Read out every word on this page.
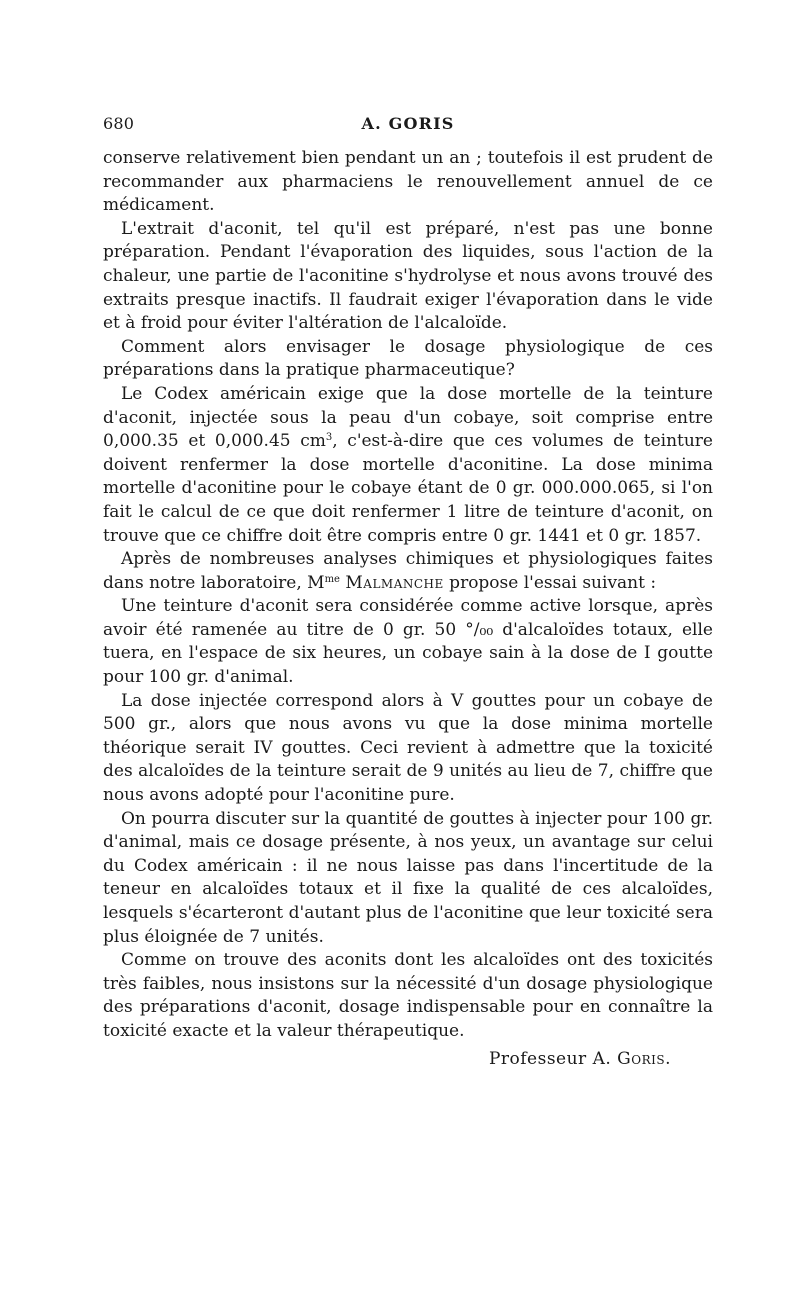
680	A. GORIS

conserve relativement bien pendant un an ; toutefois il est prudent de recommander aux pharmaciens le renouvellement annuel de ce médicament.

L'extrait d'aconit, tel qu'il est préparé, n'est pas une bonne préparation. Pendant l'évaporation des liquides, sous l'action de la chaleur, une partie de l'aconitine s'hydrolyse et nous avons trouvé des extraits presque inactifs. Il faudrait exiger l'évaporation dans le vide et à froid pour éviter l'altération de l'alcaloïde.

Comment alors envisager le dosage physiologique de ces préparations dans la pratique pharmaceutique?

Le Codex américain exige que la dose mortelle de la teinture d'aconit, injectée sous la peau d'un cobaye, soit comprise entre 0,000.35 et 0,000.45 $cm^3$, c'est-à-dire que ces volumes de teinture doivent renfermer la dose mortelle d'aconitine. La dose minima mortelle d'aconitine pour le cobaye étant de 0 gr. 000.000.065, si l'on fait le calcul de ce que doit renfermer 1 litre de teinture d'aconit, on trouve que ce chiffre doit être compris entre 0 gr. 1441 et 0 gr. 1857.

Après de nombreuses analyses chimiques et physiologiques faites dans notre laboratoire, $M^{me}$ Malmanche propose l'essai suivant :

Une teinture d'aconit sera considérée comme active lorsque, après avoir été ramenée au titre de 0 gr. 50 °/₀₀ d'alcaloïdes totaux, elle tuera, en l'espace de six heures, un cobaye sain à la dose de I goutte pour 100 gr. d'animal.

La dose injectée correspond alors à V gouttes pour un cobaye de 500 gr., alors que nous avons vu que la dose minima mortelle théorique serait IV gouttes. Ceci revient à admettre que la toxicité des alcaloïdes de la teinture serait de 9 unités au lieu de 7, chiffre que nous avons adopté pour l'aconitine pure.

On pourra discuter sur la quantité de gouttes à injecter pour 100 gr. d'animal, mais ce dosage présente, à nos yeux, un avantage sur celui du Codex américain : il ne nous laisse pas dans l'incertitude de la teneur en alcaloïdes totaux et il fixe la qualité de ces alcaloïdes, lesquels s'écarteront d'autant plus de l'aconitine que leur toxicité sera plus éloignée de 7 unités.

Comme on trouve des aconits dont les alcaloïdes ont des toxicités très faibles, nous insistons sur la nécessité d'un dosage physiologique des préparations d'aconit, dosage indispensable pour en connaître la toxicité exacte et la valeur thérapeutique.

Professeur A. Goris.
